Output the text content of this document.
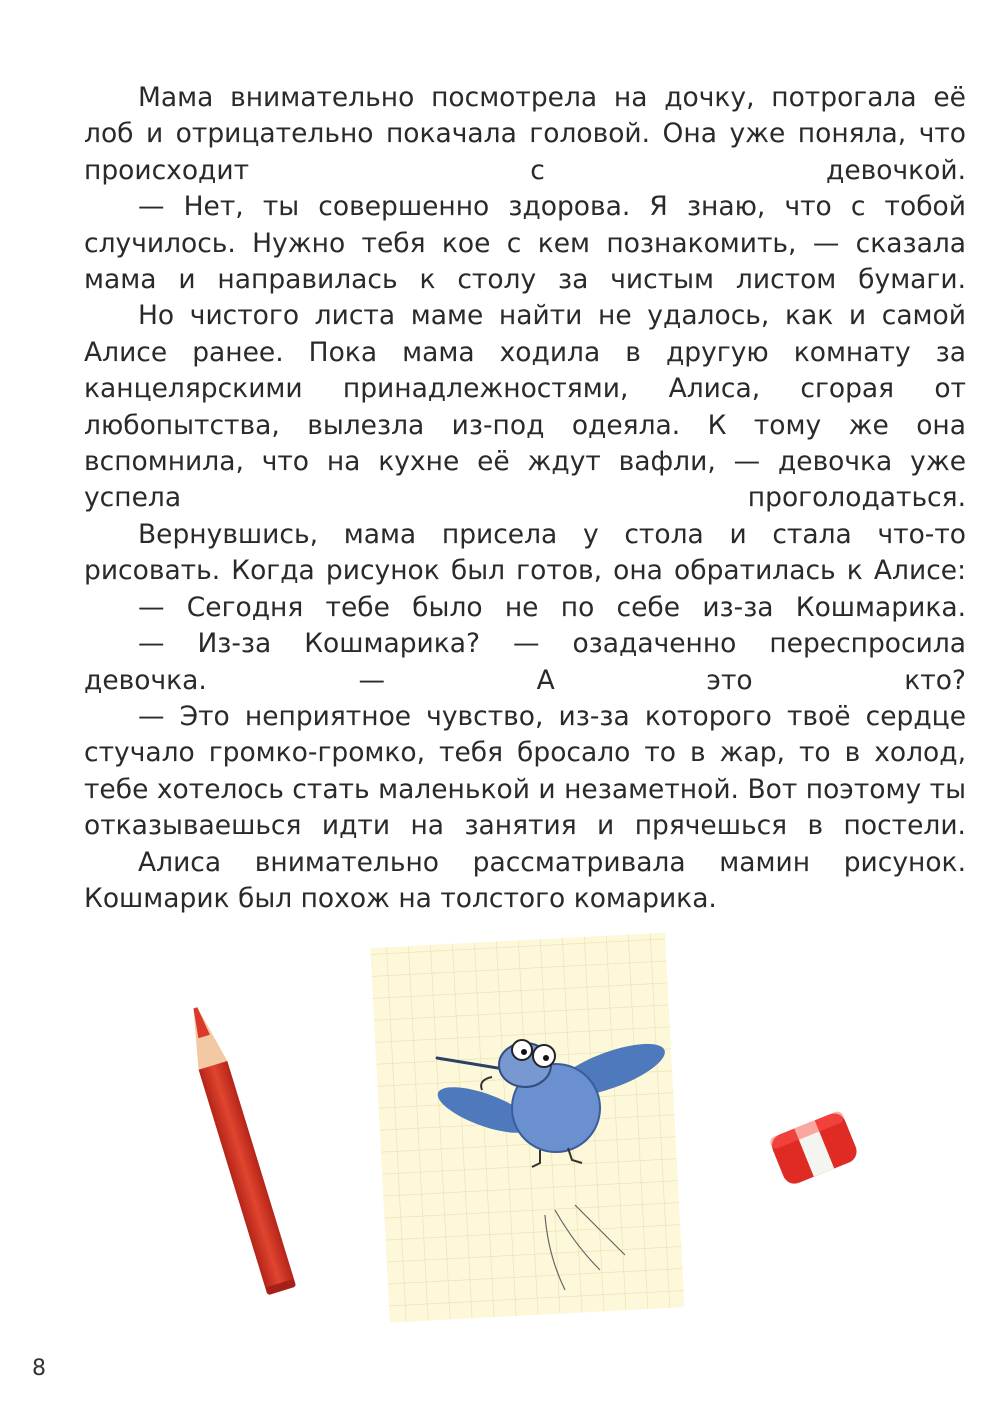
Мама внимательно посмотрела на дочку, потрогала её лоб и отрицательно покачала головой. Она уже поняла, что происходит с девочкой.

— Нет, ты совершенно здорова. Я знаю, что с тобой случилось. Нужно тебя кое с кем познакомить, — сказала мама и направилась к столу за чистым листом бумаги.

Но чистого листа маме найти не удалось, как и самой Алисе ранее. Пока мама ходила в другую комнату за канцелярскими принадлежностями, Алиса, сгорая от любопытства, вылезла из-под одеяла. К тому же она вспомнила, что на кухне её ждут вафли, — девочка уже успела проголодаться.

Вернувшись, мама присела у стола и стала что-то рисовать. Когда рисунок был готов, она обратилась к Алисе:

— Сегодня тебе было не по себе из-за Кошмарика.

— Из-за Кошмарика? — озадаченно переспросила девочка. — А это кто?

— Это неприятное чувство, из-за которого твоё сердце стучало громко-громко, тебя бросало то в жар, то в холод, тебе хотелось стать маленькой и незаметной. Вот поэтому ты отказываешься идти на занятия и прячешься в постели.

Алиса внимательно рассматривала мамин рисунок. Кошмарик был похож на толстого комарика.

8
